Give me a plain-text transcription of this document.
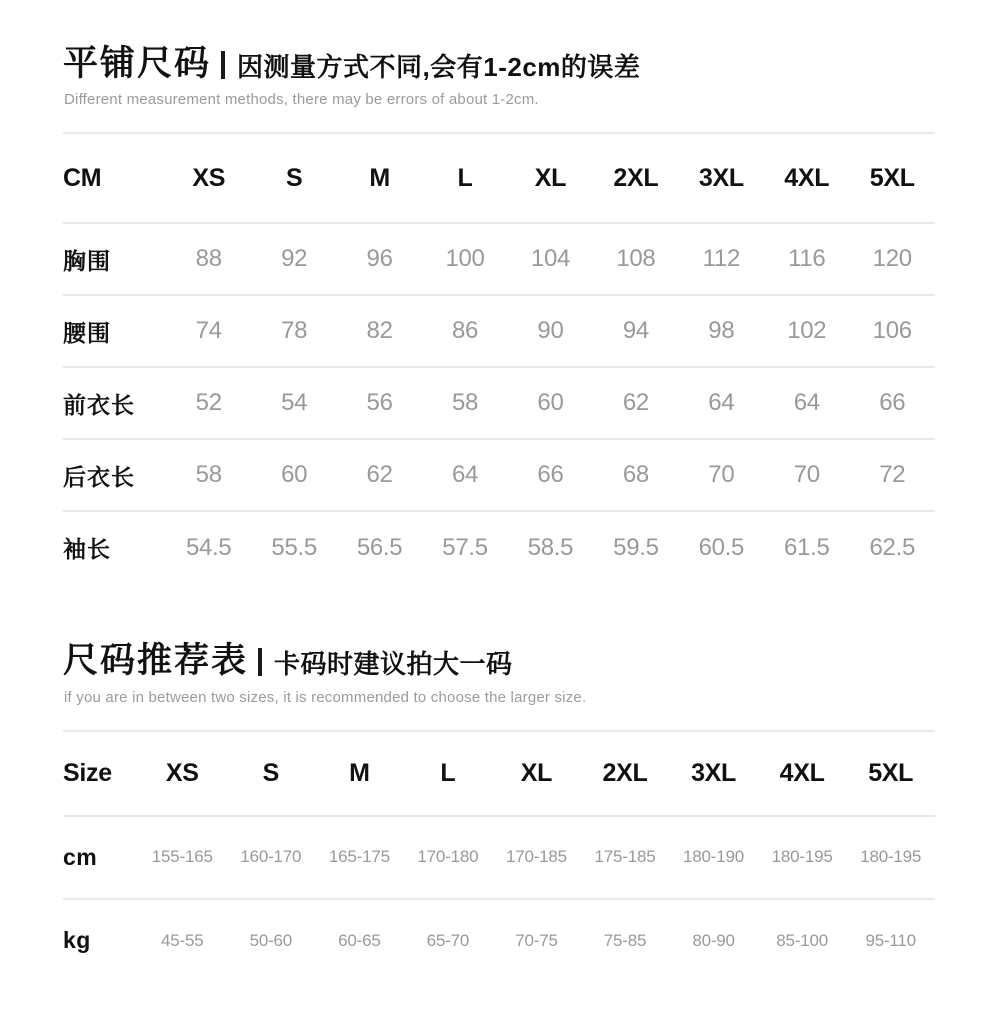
平铺尺码 因测量方式不同,会有1-2cm的误差

Different measurement methods, there may be errors of about 1-2cm.

CM	XS	S	M	L	XL	2XL	3XL	4XL	5XL
胸围	88	92	96	100	104	108	112	116	120
腰围	74	78	82	86	90	94	98	102	106
前衣长	52	54	56	58	60	62	64	64	66
后衣长	58	60	62	64	66	68	70	70	72
袖长	54.5	55.5	56.5	57.5	58.5	59.5	60.5	61.5	62.5
尺码推荐表 卡码时建议拍大一码

if you are in between two sizes, it is recommended to choose the larger size.

Size	XS	S	M	L	XL	2XL	3XL	4XL	5XL
cm	155-165	160-170	165-175	170-180	170-185	175-185	180-190	180-195	180-195
kg	45-55	50-60	60-65	65-70	70-75	75-85	80-90	85-100	95-110
